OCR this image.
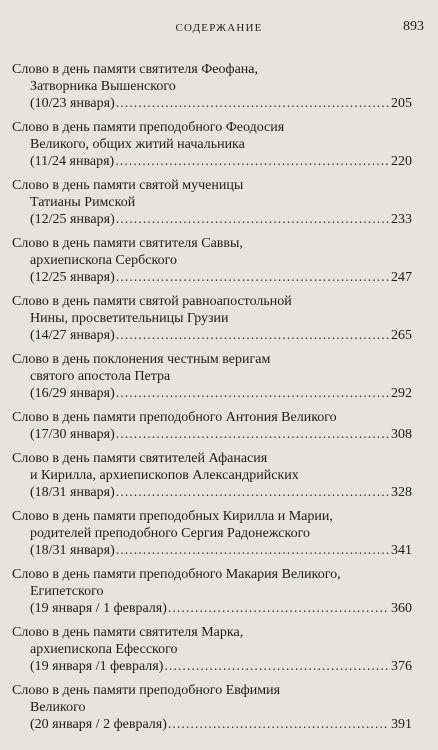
СОДЕРЖАНИЕ	893
Слово в день памяти святителя Феофана,
Затворника Вышенского
(10/23 января) .....	205
Слово в день памяти преподобного Феодосия
Великого, общих житий начальника
(11/24 января) .....	220
Слово в день памяти святой мученицы
Татианы Римской
(12/25 января) .....	233
Слово в день памяти святителя Саввы,
архиепископа Сербского
(12/25 января) .....	247
Слово в день памяти святой равноапостольной
Нины, просветительницы Грузии
(14/27 января) .....	265
Слово в день поклонения честным веригам
святого апостола Петра
(16/29 января) .....	292
Слово в день памяти преподобного Антония Великого
(17/30 января) .....	308
Слово в день памяти святителей Афанасия
и Кирилла, архиепископов Александрийских
(18/31 января) .....	328
Слово в день памяти преподобных Кирилла и Марии,
родителей преподобного Сергия Радонежского
(18/31 января) .....	341
Слово в день памяти преподобного Макария Великого,
Египетского
(19 января / 1 февраля) .....	360
Слово в день памяти святителя Марка,
архиепископа Ефесского
(19 января /1 февраля) .....	376
Слово в день памяти преподобного Евфимия
Великого
(20 января / 2 февраля) .....	391
